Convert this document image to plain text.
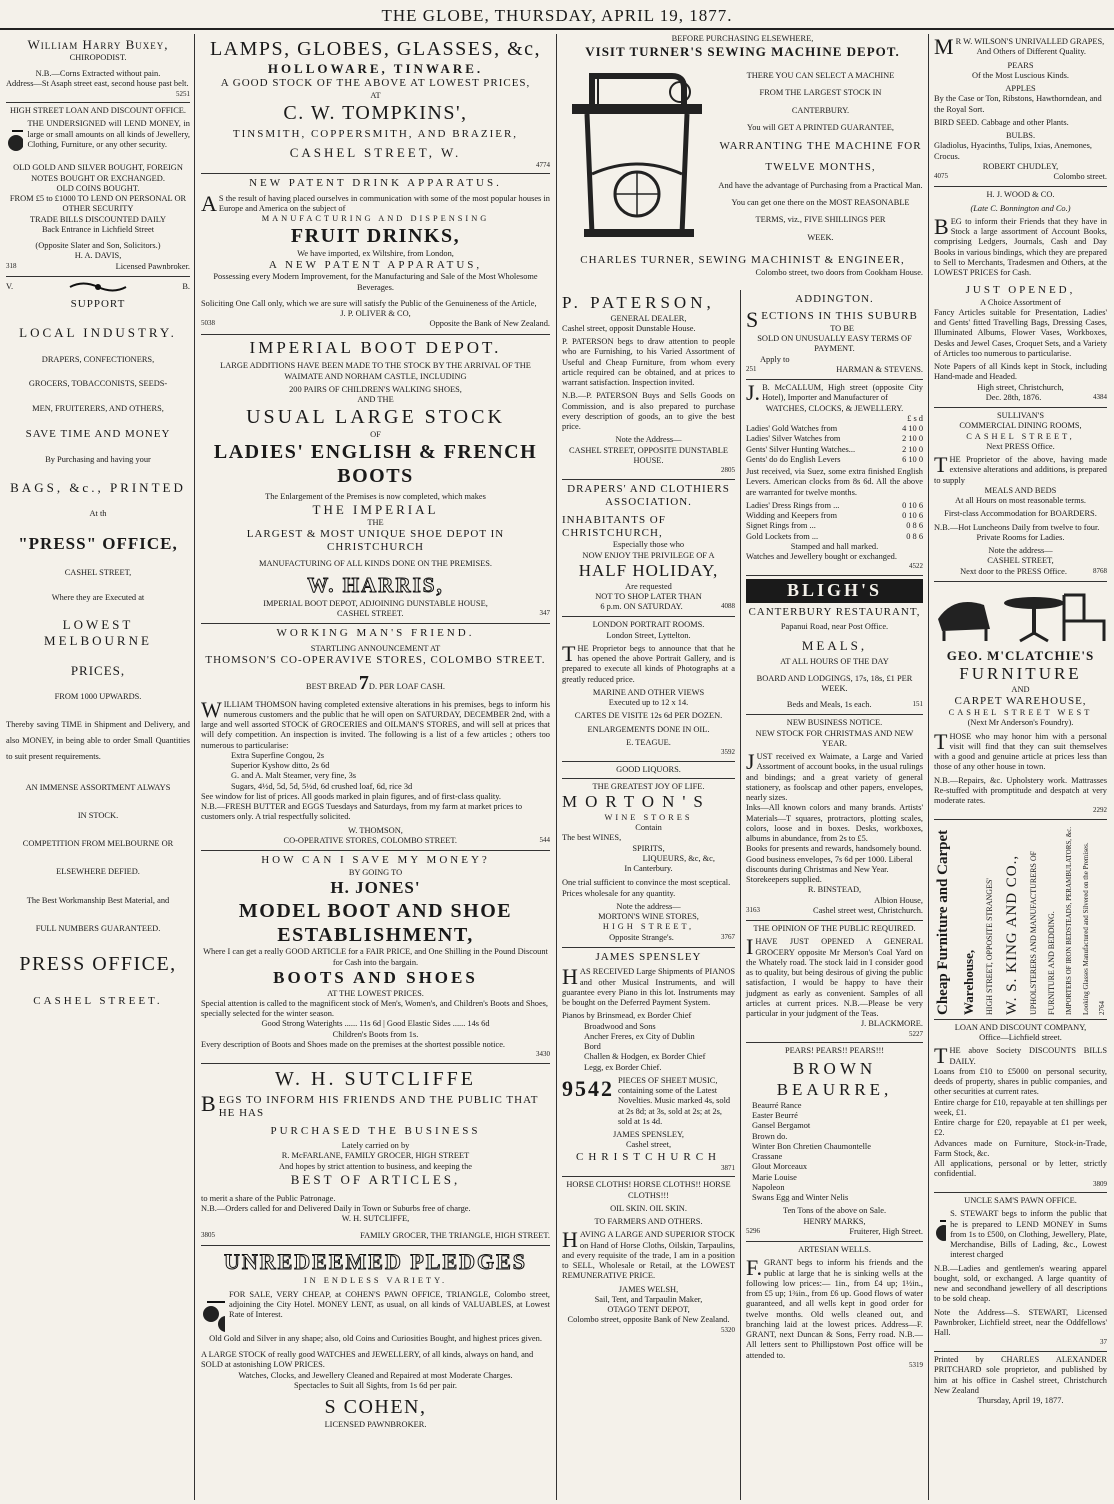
THE GLOBE, THURSDAY, APRIL 19, 1877.
William Harry Buxey,
CHIROPODIST.
N.B.—Corns Extracted without pain.
Address—St Asaph street east, second house past belt.
5251
HIGH STREET LOAN AND DISCOUNT OFFICE.
THE UNDERSIGNED will LEND MONEY, in large or small amounts on all kinds of Jewellery, Clothing, Furniture, or any other security.
OLD GOLD AND SILVER BOUGHT, FOREIGN NOTES BOUGHT OR EXCHANGED.
OLD COINS BOUGHT.
FROM £5 to £1000 TO LEND ON PERSONAL OR OTHER SECURITY
TRADE BILLS DISCOUNTED DAILY
Back Entrance in Lichfield Street
(Opposite Slater and Son, Solicitors.)
H. A. DAVIS,
318	Licensed Pawnbroker.
V.	B.
SUPPORT
LOCAL INDUSTRY.
DRAPERS, CONFECTIONERS,
GROCERS, TOBACCONISTS, SEEDS-
MEN, FRUITERERS, AND OTHERS,
SAVE TIME AND MONEY
By Purchasing and having your
BAGS, &c., PRINTED
At th
"PRESS" OFFICE,
CASHEL STREET,
Where they are Executed at
LOWEST MELBOURNE
PRICES,
FROM 1000 UPWARDS.
Thereby saving TIME in Shipment and Delivery, and also MONEY, in being able to order Small Quantities to suit present requirements.
AN IMMENSE ASSORTMENT ALWAYS
IN STOCK.
COMPETITION FROM MELBOURNE OR
ELSEWHERE DEFIED.
The Best Workmanship Best Material, and
FULL NUMBERS GUARANTEED.
PRESS OFFICE,
CASHEL STREET.
LAMPS, GLOBES, GLASSES, &c,
HOLLOWARE, TINWARE.
A GOOD STOCK OF THE ABOVE AT LOWEST PRICES,
AT
C. W. TOMPKINS',
TINSMITH, COPPERSMITH, AND BRAZIER,
CASHEL STREET, W.
4774
NEW PATENT DRINK APPARATUS.
AS the result of having placed ourselves in communication with some of the most popular houses in Europe and America on the subject of
MANUFACTURING AND DISPENSING
FRUIT DRINKS,
We have imported, ex Wiltshire, from London,
A NEW PATENT APPARATUS,
Possessing every Modern Improvement, for the Manufacturing and Sale of the Most Wholesome Beverages.
Soliciting One Call only, which we are sure will satisfy the Public of the Genuineness of the Article,
J. P. OLIVER & CO,
5038	Opposite the Bank of New Zealand.
IMPERIAL BOOT DEPOT.
LARGE ADDITIONS HAVE BEEN MADE TO THE STOCK BY THE ARRIVAL OF THE WAIMATE AND NORHAM CASTLE, INCLUDING
200 PAIRS OF CHILDREN'S WALKING SHOES,
AND THE
USUAL LARGE STOCK
OF
LADIES' ENGLISH & FRENCH BOOTS
The Enlargement of the Premises is now completed, which makes
THE IMPERIAL
THE
LARGEST & MOST UNIQUE SHOE DEPOT IN CHRISTCHURCH
MANUFACTURING OF ALL KINDS DONE ON THE PREMISES.
W. HARRIS,
IMPERIAL BOOT DEPOT, ADJOINING DUNSTABLE HOUSE,
CASHEL STREET.	347
WORKING MAN'S FRIEND.
STARTLING ANNOUNCEMENT AT
THOMSON'S CO-OPERAVIVE STORES, COLOMBO STREET.
BEST BREAD 7D. PER LOAF CASH.
WILLIAM THOMSON having completed extensive alterations in his premises, begs to inform his numerous customers and the public that he will open on SATURDAY, DECEMBER 2nd, with a large and well assorted STOCK of GROCERIES and OILMAN'S STORES, and will sell at prices that will defy competition. An inspection is invited. The following is a list of a few articles ; others too numerous to particularise:
Extra Superfine Congou, 2s
Superior Kyshow ditto, 2s 6d
G. and A. Malt Steamer, very fine, 3s
Sugars, 4½d, 5d, 5d, 5½d, 6d crushed loaf, 6d, rice 3d
See window for list of prices. All goods marked in plain figures, and of first-class quality.
N.B.—FRESH BUTTER and EGGS Tuesdays and Saturdays, from my farm at market prices to customers only. A trial respectfully solicited.
W. THOMSON,
CO-OPERATIVE STORES, COLOMBO STREET.	544
HOW CAN I SAVE MY MONEY?
BY GOING TO
H. JONES'
MODEL BOOT AND SHOE
ESTABLISHMENT,
Where I can get a really GOOD ARTICLE for a FAIR PRICE, and One Shilling in the Pound Discount for Cash into the bargain.
BOOTS AND SHOES
AT THE LOWEST PRICES.
Special attention is called to the magnificent stock of Men's, Women's, and Children's Boots and Shoes, specially selected for the winter season.
Good Strong Waterights ...... 11s 6d | Good Elastic Sides ...... 14s 6d
Children's Boots from 1s.
Every description of Boots and Shoes made on the premises at the shortest possible notice.
3430
W. H. SUTCLIFFE
BEGS TO INFORM HIS FRIENDS AND THE PUBLIC THAT HE HAS
PURCHASED THE BUSINESS
Lately carried on by
R. McFARLANE, FAMILY GROCER, HIGH STREET
And hopes by strict attention to business, and keeping the
BEST OF ARTICLES,
to merit a share of the Public Patronage.
N.B.—Orders called for and Delivered Daily in Town or Suburbs free of charge.
W. H. SUTCLIFFE,
3805	FAMILY GROCER, THE TRIANGLE, HIGH STREET.
UNREDEEMED PLEDGES
IN ENDLESS VARIETY.
FOR SALE, VERY CHEAP, at COHEN'S PAWN OFFICE, TRIANGLE, Colombo street, adjoining the City Hotel. MONEY LENT, as usual, on all kinds of VALUABLES, at Lowest Rate of Interest.
Old Gold and Silver in any shape; also, old Coins and Curiosities Bought, and highest prices given.
A LARGE STOCK of really good WATCHES and JEWELLERY, of all kinds, always on hand, and SOLD at astonishing LOW PRICES.
Watches, Clocks, and Jewellery Cleaned and Repaired at most Moderate Charges.
Spectacles to Suit all Sights, from 1s 6d per pair.
S COHEN,
LICENSED PAWNBROKER.
BEFORE PURCHASING ELSEWHERE,
VISIT TURNER'S SEWING MACHINE DEPOT.
THERE YOU CAN SELECT A MACHINE
FROM THE LARGEST STOCK IN
CANTERBURY.
You will GET A PRINTED GUARANTEE,
WARRANTING THE MACHINE FOR
TWELVE MONTHS,
And have the advantage of Purchasing from a Practical Man.
You can get one there on the MOST REASONABLE
TERMS, viz., FIVE SHILLINGS PER
WEEK.
CHARLES TURNER, SEWING MACHINIST & ENGINEER,
Colombo street, two doors from Cookham House.
P. PATERSON,
GENERAL DEALER,
Cashel street, opposit Dunstable House.
P. PATERSON begs to draw attention to people who are Furnishing, to his Varied Assortment of Useful and Cheap Furniture, from whom every article required can be obtained, and at prices to warrant satisfaction. Inspection invited.
N.B.—P. PATERSON Buys and Sells Goods on Commission, and is also prepared to purchase every description of goods, an to give the best price.
Note the Address—
CASHEL STREET, OPPOSITE DUNSTABLE HOUSE.
2805
DRAPERS' AND CLOTHIERS ASSOCIATION.
INHABITANTS OF CHRISTCHURCH,
Especially those who
NOW ENJOY THE PRIVILEGE OF A
HALF HOLIDAY,
Are requested
NOT TO SHOP LATER THAN
6 p.m. ON SATURDAY.	4088
LONDON PORTRAIT ROOMS.
London Street, Lyttelton.
THE Proprietor begs to announce that that he has opened the above Portrait Gallery, and is prepared to execute all kinds of Photographs at a greatly reduced price.
MARINE AND OTHER VIEWS
Executed up to 12 x 14.
CARTES DE VISITE 12s 6d PER DOZEN.
ENLARGEMENTS DONE IN OIL.
E. TEAGUE.
3592
GOOD LIQUORS.
THE GREATEST JOY OF LIFE.
MORTON'S
WINE STORES
Contain
The best WINES,
SPIRITS,
LIQUEURS, &c, &c,
In Canterbury.
One trial sufficient to convince the most sceptical.
Prices wholesale for any quantity.
Note the address—
MORTON'S WINE STORES,
HIGH STREET,
Opposite Strange's.	3767
JAMES SPENSLEY
HAS RECEIVED Large Shipments of PIANOS and other Musical Instruments, and will guarantee every Piano in this lot. Instruments may be bought on the Deferred Payment System.
Pianos by Brinsmead, ex Border Chief
Broadwood and Sons
Ancher Freres, ex City of Dublin
Bord
Challen & Hodgen, ex Border Chief
Legg, ex Border Chief.
9542 PIECES OF SHEET MUSIC, containing some of the Latest Novelties. Music marked 4s, sold at 2s 8d; at 3s, sold at 2s; at 2s, sold at 1s 4d.
JAMES SPENSLEY,
Cashel street,
CHRISTCHURCH
3871
HORSE CLOTHS! HORSE CLOTHS!! HORSE CLOTHS!!!
OIL SKIN. OIL SKIN.
TO FARMERS AND OTHERS.
HAVING A LARGE AND SUPERIOR STOCK on Hand of Horse Cloths, Oilskin, Tarpaulins, and every requisite of the trade, I am in a position to SELL, Wholesale or Retail, at the LOWEST REMUNERATIVE PRICE.
JAMES WELSH,
Sail, Tent, and Tarpaulin Maker,
OTAGO TENT DEPOT,
Colombo street, opposite Bank of New Zealand.
5320
ADDINGTON.
SECTIONS IN THIS SUBURB
TO BE
SOLD ON UNUSUALLY EASY TERMS OF PAYMENT.
Apply to
251	HARMAN & STEVENS.
J.B. McCALLUM, High street (opposite City Hotel), Importer and Manufacturer of
WATCHES, CLOCKS, & JEWELLERY.
£ s d
Ladies' Gold Watches from	4 10 0
Ladies' Silver Watches from	2 10 0
Gents' Silver Hunting Watches...	2 10 0
Gents' do do English Levers	6 10 0
Just received, via Suez, some extra finished English Levers. American clocks from 8s 6d. All the above are warranted for twelve months.
Ladies' Dress Rings from ...	0 10 6
Widding and Keepers from	0 10 6
Signet Rings from ...	0 8 6
Gold Lockets from ...	0 8 6
Stamped and hall marked.
Watches and Jewellery bought or exchanged.
4522
BLIGH'S
CANTERBURY RESTAURANT,
Papanui Road, near Post Office.
MEALS,
AT ALL HOURS OF THE DAY
BOARD AND LODGINGS, 17s, 18s, £1 PER WEEK.
Beds and Meals, 1s each.	151
NEW BUSINESS NOTICE.
NEW STOCK FOR CHRISTMAS AND NEW YEAR.
JUST received ex Waimate, a Large and Varied Assortment of account books, in the usual rulings and bindings; and a great variety of general stationery, as foolscap and other papers, envelopes, nearly sizes.
Inks—All known colors and many brands. Artists' Materials—T squares, protractors, plotting scales, colors, loose and in boxes. Desks, workboxes, albums in abundance, from 2s to £5.
Books for presents and rewards, handsomely bound.
Good business envelopes, 7s 6d per 1000. Liberal discounts during Christmas and New Year. Storekeepers supplied.
R. BINSTEAD,
Albion House,
3163	Cashel street west, Christchurch.
THE OPINION OF THE PUBLIC REQUIRED.
IHAVE JUST OPENED A GENERAL GROCERY opposite Mr Merson's Coal Yard on the Whately road. The stock laid in I consider good as to quality, but being desirous of giving the public satisfaction, I would be happy to have their judgment as early as convenient. Samples of all articles at current prices. N.B.—Please be very particular in your judgment of the Teas.
J. BLACKMORE.
5227
PEARS! PEARS!! PEARS!!!
BROWN BEAURRE,
Beaurré Rance
Easter Beurré
Gansel Bergamot
Brown do.
Winter Bon Chretien Chaumontelle
Crassane
Glout Morceaux
Marie Louise
Napoleon
Swans Egg and Winter Nelis
Ten Tons of the above on Sale.
HENRY MARKS,
5296	Fruiterer, High Street.
ARTESIAN WELLS.
F.GRANT begs to inform his friends and the public at large that he is sinking wells at the following low prices:— 1in., from £4 up; 1½in., from £5 up; 1¾in., from £6 up. Good flows of water guaranteed, and all wells kept in good order for twelve months. Old wells cleaned out, and branching laid at the lowest prices. Address—F. GRANT, next Duncan & Sons, Ferry road. N.B.—All letters sent to Phillipstown Post office will be attended to.
5319
MR W. WILSON'S UNRIVALLED GRAPES,
And Others of Different Quality.
PEARS
Of the Most Luscious Kinds.
APPLES
By the Case or Ton, Ribstons, Hawthorndean, and the Royal Sort.
BIRD SEED. Cabbage and other Plants.
BULBS.
Gladiolus, Hyacinths, Tulips, Ixias, Anemones, Crocus.
ROBERT CHUDLEY,
4075	Colombo street.
H. J. WOOD & CO.
(Late C. Bonnington and Co.)
BEG to inform their Friends that they have in Stock a large assortment of Account Books, comprising Ledgers, Journals, Cash and Day Books in various bindings, which they are prepared to Sell to Merchants, Tradesmen and Others, at the LOWEST PRICES for Cash.
JUST OPENED,
A Choice Assortment of
Fancy Articles suitable for Presentation, Ladies' and Gents' fitted Travelling Bags, Dressing Cases, Illuminated Albums, Flower Vases, Workboxes, Desks and Jewel Cases, Croquet Sets, and a Variety of Articles too numerous to particularise.
Note Papers of all Kinds kept in Stock, including Hand-made and Headed.
High street, Christchurch,
Dec. 28th, 1876.	4384
SULLIVAN'S
COMMERCIAL DINING ROOMS,
CASHEL STREET,
Next PRESS Office.
THE Proprietor of the above, having made extensive alterations and additions, is prepared to supply
MEALS AND BEDS
At all Hours on most reasonable terms.
First-class Accommodation for BOARDERS.
N.B.—Hot Luncheons Daily from twelve to four.
Private Rooms for Ladies.
Note the address—
CASHEL STREET,
Next door to the PRESS Office.	8768
GEO. M'CLATCHIE'S
FURNITURE
AND
CARPET WAREHOUSE,
CASHEL STREET WEST
(Next Mr Anderson's Foundry).
THOSE who may honor him with a personal visit will find that they can suit themselves with a good and genuine article at prices less than those of any other house in town.
N.B.—Repairs, &c. Upholstery work. Mattrasses Re-stuffed with promptitude and despatch at very moderate rates.
2292
Cheap Furniture and Carpet Warehouse, HIGH STREET, OPPOSITE STRANGES' W. S. KING AND CO., UPHOLSTERERS AND MANUFACTURERS OF FURNITURE AND BEDDING. IMPORTERS OF IRON BEDSTEADS, PERAMBULATORS, &c. Looking Glasses Manufactured and Silvered on the Premises. 2764
LOAN AND DISCOUNT COMPANY,
Office—Lichfield street.
THE above Society DISCOUNTS BILLS DAILY.
Loans from £10 to £5000 on personal security, deeds of property, shares in public companies, and other securities at current rates.
Entire charge for £10, repayable at ten shillings per week, £1.
Entire charge for £20, repayable at £1 per week, £2.
Advances made on Furniture, Stock-in-Trade, Farm Stock, &c.
All applications, personal or by letter, strictly confidential.
3809
UNCLE SAM'S PAWN OFFICE.
S. STEWART begs to inform the public that he is prepared to LEND MONEY in Sums from 1s to £500, on Clothing, Jewellery, Plate, Merchandise, Bills of Lading, &c., Lowest interest charged
N.B.—Ladies and gentlemen's wearing apparel bought, sold, or exchanged. A large quantity of new and secondhand jewellery of all descriptions to be sold cheap.
Note the Address—S. STEWART, Licensed Pawnbroker, Lichfield street, near the Oddfellows' Hall.
37
Printed by CHARLES ALEXANDER PRITCHARD sole proprietor, and published by him at his office in Cashel street, Christchurch New Zealand
Thursday, April 19, 1877.
